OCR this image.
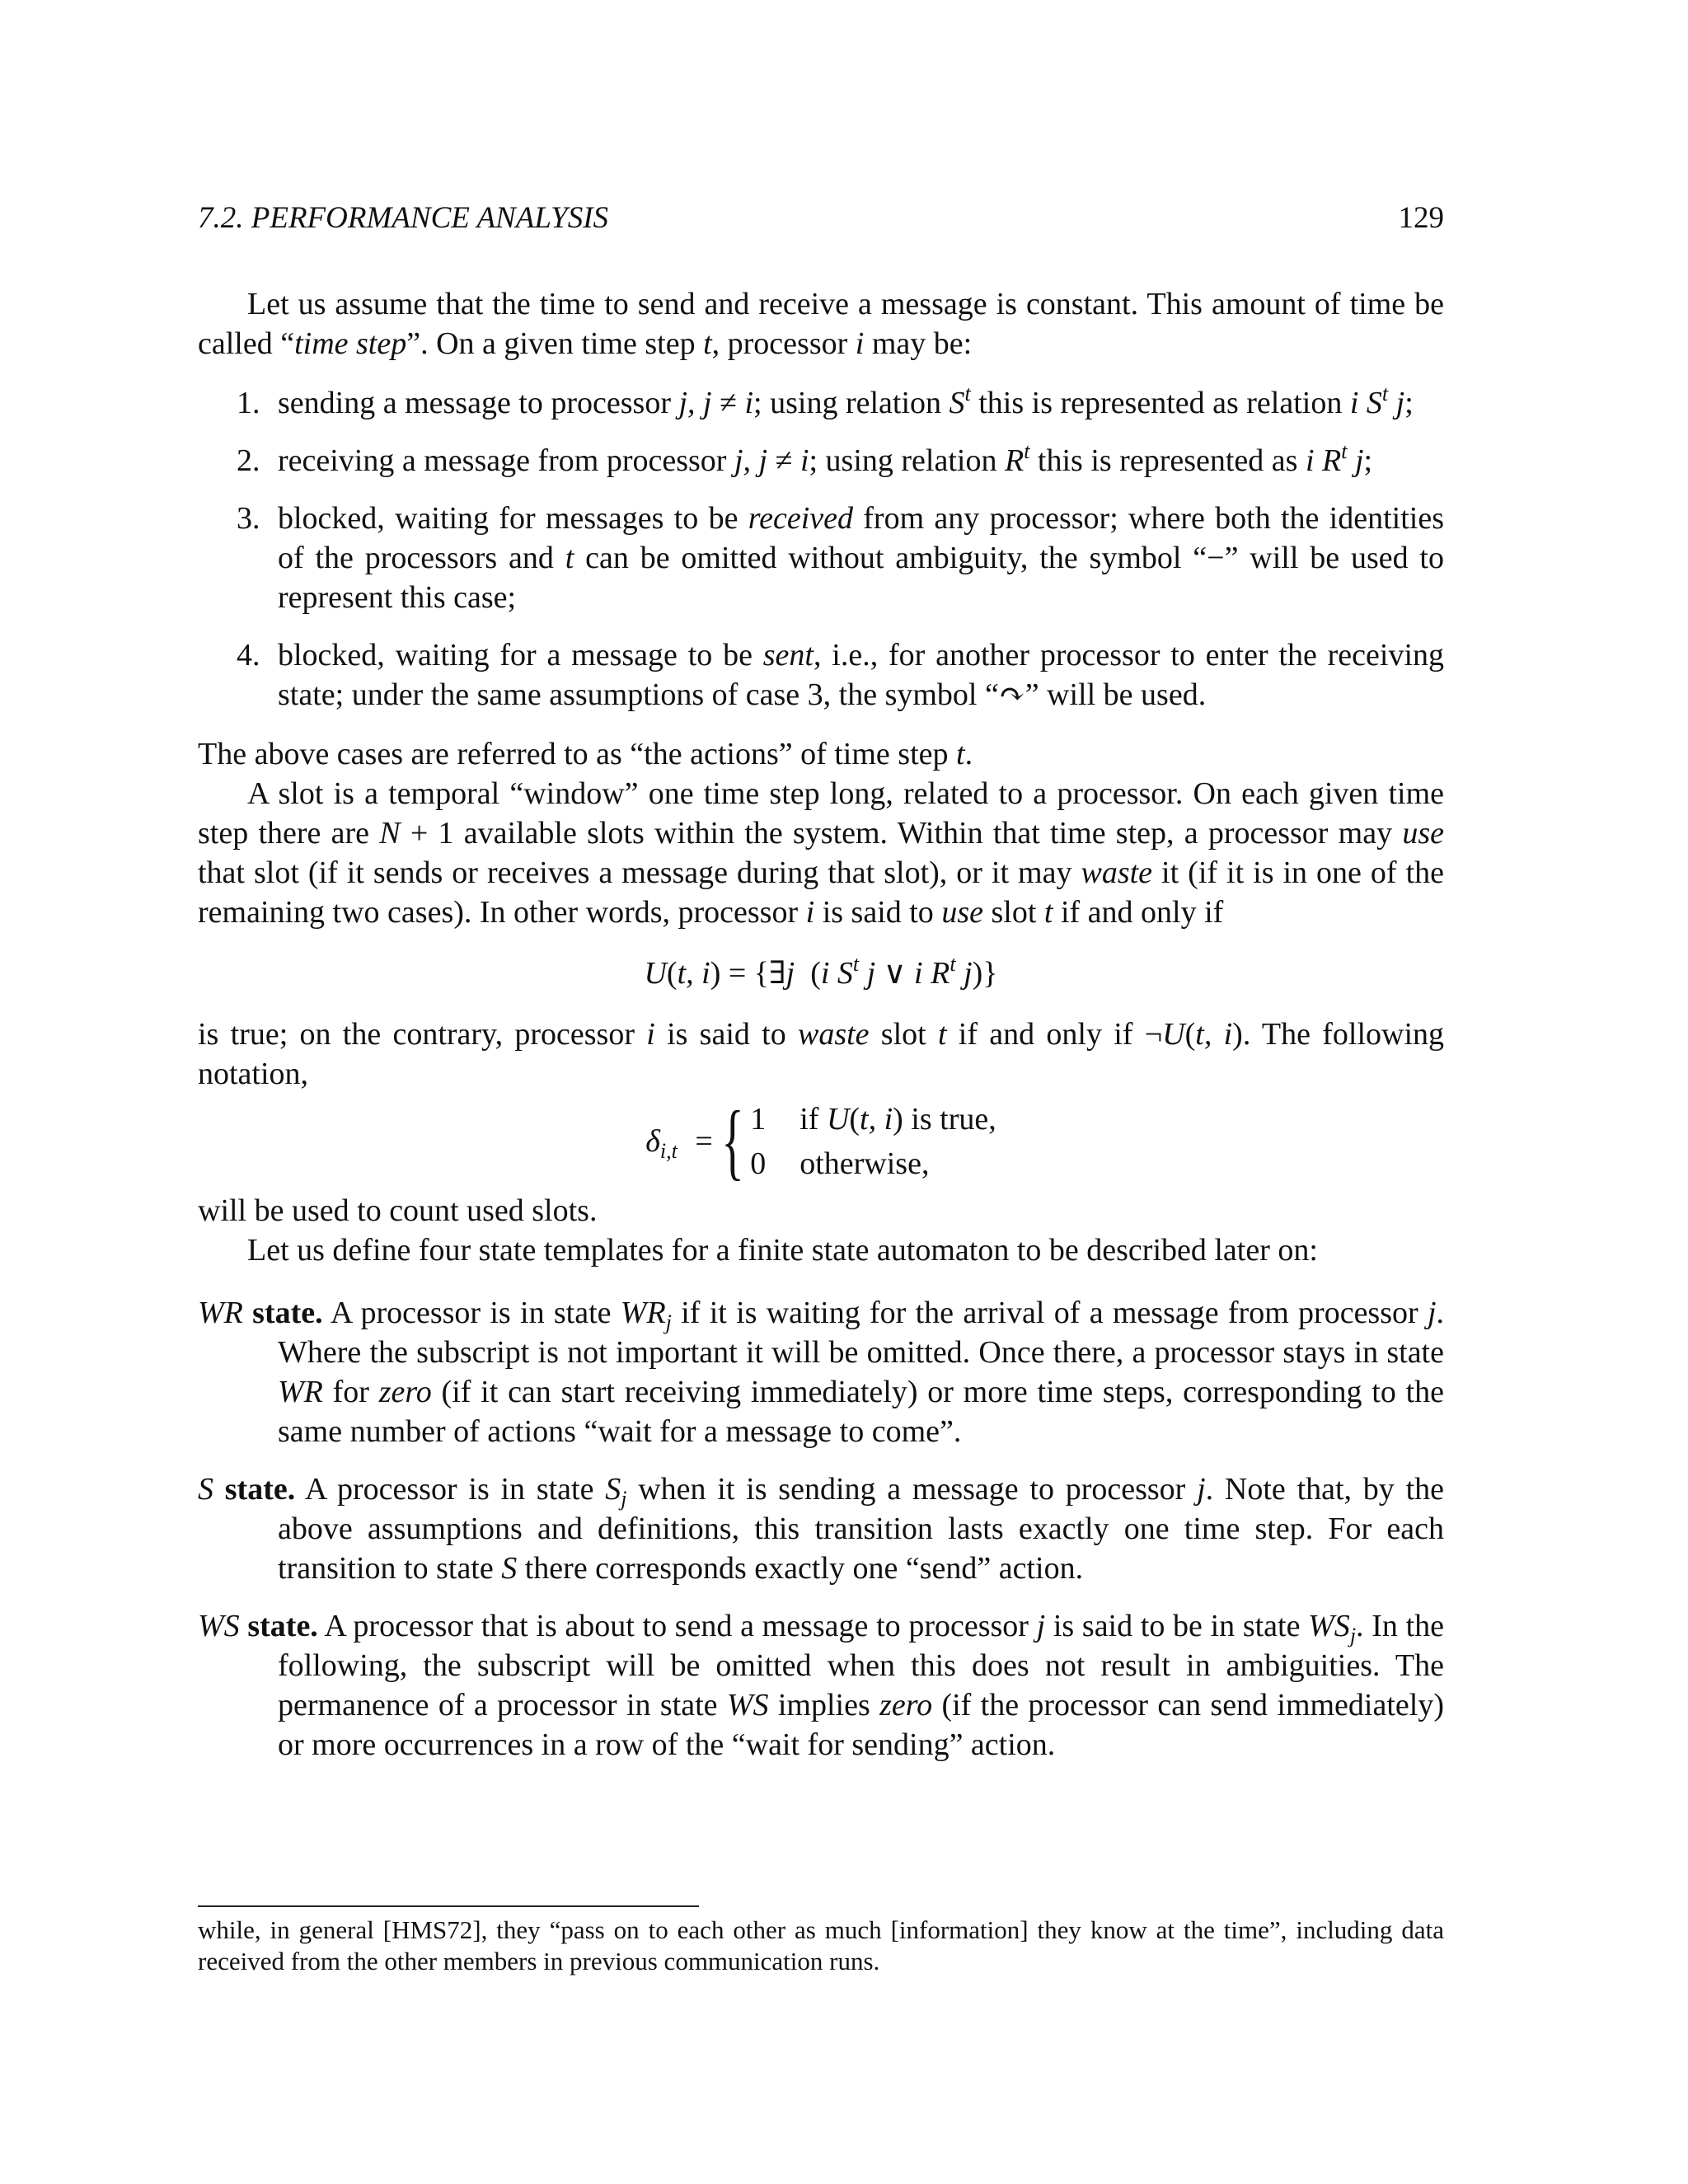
7.2. PERFORMANCE ANALYSIS	129

Let us assume that the time to send and receive a message is constant. This amount of time be called “time step”. On a given time step t, processor i may be:

1. sending a message to processor j, j ≠ i; using relation $S^t$ this is represented as relation i $S^t$ j;
2. receiving a message from processor j, j ≠ i; using relation $R^t$ this is represented as i $R^t$ j;
3. blocked, waiting for messages to be received from any processor; where both the identities of the processors and t can be omitted without ambiguity, the symbol “−” will be used to represent this case;
4. blocked, waiting for a message to be sent, i.e., for another processor to enter the receiving state; under the same assumptions of case 3, the symbol “↷” will be used.

The above cases are referred to as “the actions” of time step t.

A slot is a temporal “window” one time step long, related to a processor. On each given time step there are N + 1 available slots within the system. Within that time step, a processor may use that slot (if it sends or receives a message during that slot), or it may waste it (if it is in one of the remaining two cases). In other words, processor i is said to use slot t if and only if

U(t, i) = {∃j  (i $S^t$ j ∨ i $R^t$ j)}

is true; on the contrary, processor i is said to waste slot t if and only if ¬U(t, i). The following notation,

$\delta_{i,t}$ = { 1	if U(t, i) is true,
0	otherwise,

will be used to count used slots.

Let us define four state templates for a finite state automaton to be described later on:

WR state. A processor is in state $WR_j$ if it is waiting for the arrival of a message from processor j. Where the subscript is not important it will be omitted. Once there, a processor stays in state WR for zero (if it can start receiving immediately) or more time steps, corresponding to the same number of actions “wait for a message to come”.
S state. A processor is in state $S_j$ when it is sending a message to processor j. Note that, by the above assumptions and definitions, this transition lasts exactly one time step. For each transition to state S there corresponds exactly one “send” action.
WS state. A processor that is about to send a message to processor j is said to be in state $WS_j$. In the following, the subscript will be omitted when this does not result in ambiguities. The permanence of a processor in state WS implies zero (if the processor can send immediately) or more occurrences in a row of the “wait for sending” action.

while, in general [HMS72], they “pass on to each other as much [information] they know at the time”, including data received from the other members in previous communication runs.
